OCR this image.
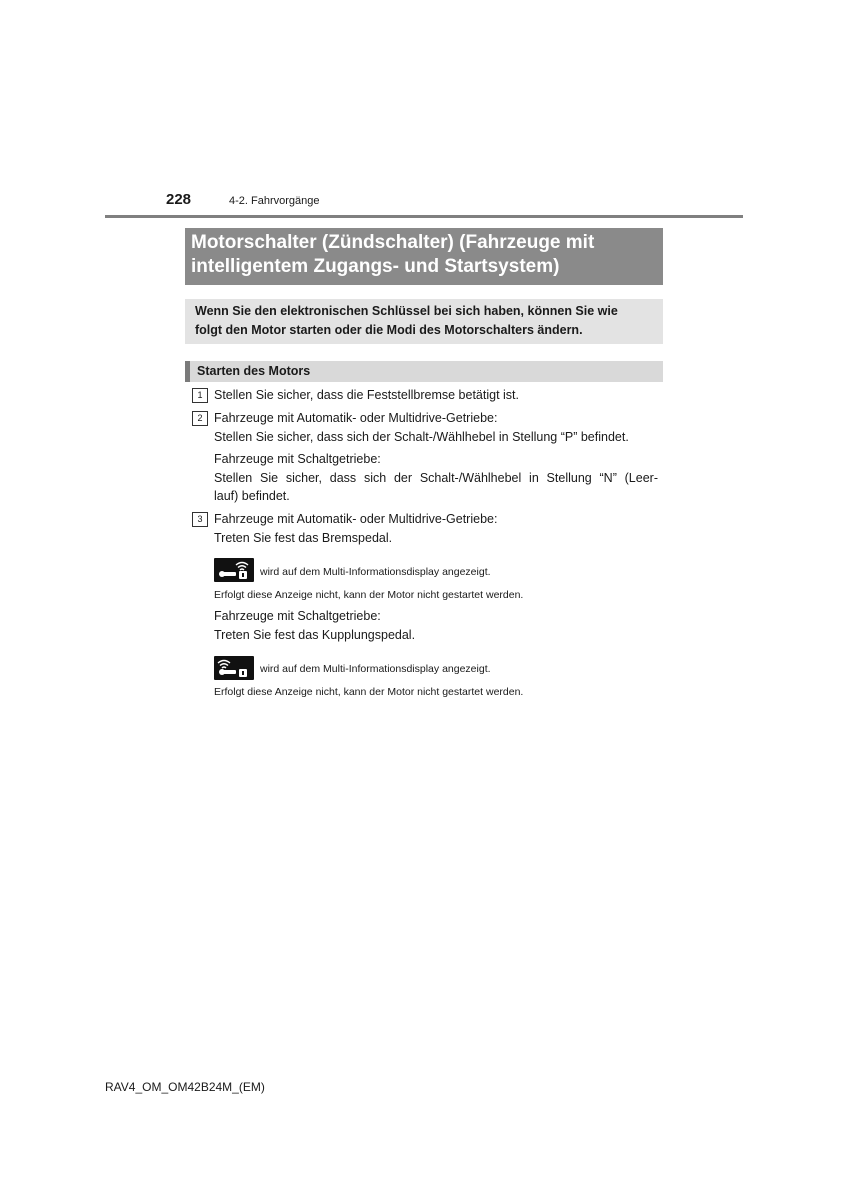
228	4-2. Fahrvorgänge
Motorschalter (Zündschalter) (Fahrzeuge mit
intelligentem Zugangs- und Startsystem)
Wenn Sie den elektronischen Schlüssel bei sich haben, können Sie wie
folgt den Motor starten oder die Modi des Motorschalters ändern.
Starten des Motors
1 Stellen Sie sicher, dass die Feststellbremse betätigt ist.
2 Fahrzeuge mit Automatik- oder Multidrive-Getriebe:
Stellen Sie sicher, dass sich der Schalt-/Wählhebel in Stellung “P” befindet.
Fahrzeuge mit Schaltgetriebe:
Stellen Sie sicher, dass sich der Schalt-/Wählhebel in Stellung “N” (Leer-
lauf) befindet.
3 Fahrzeuge mit Automatik- oder Multidrive-Getriebe:
Treten Sie fest das Bremspedal.
wird auf dem Multi-Informationsdisplay angezeigt.
Erfolgt diese Anzeige nicht, kann der Motor nicht gestartet werden.
Fahrzeuge mit Schaltgetriebe:
Treten Sie fest das Kupplungspedal.
wird auf dem Multi-Informationsdisplay angezeigt.
Erfolgt diese Anzeige nicht, kann der Motor nicht gestartet werden.
RAV4_OM_OM42B24M_(EM)
